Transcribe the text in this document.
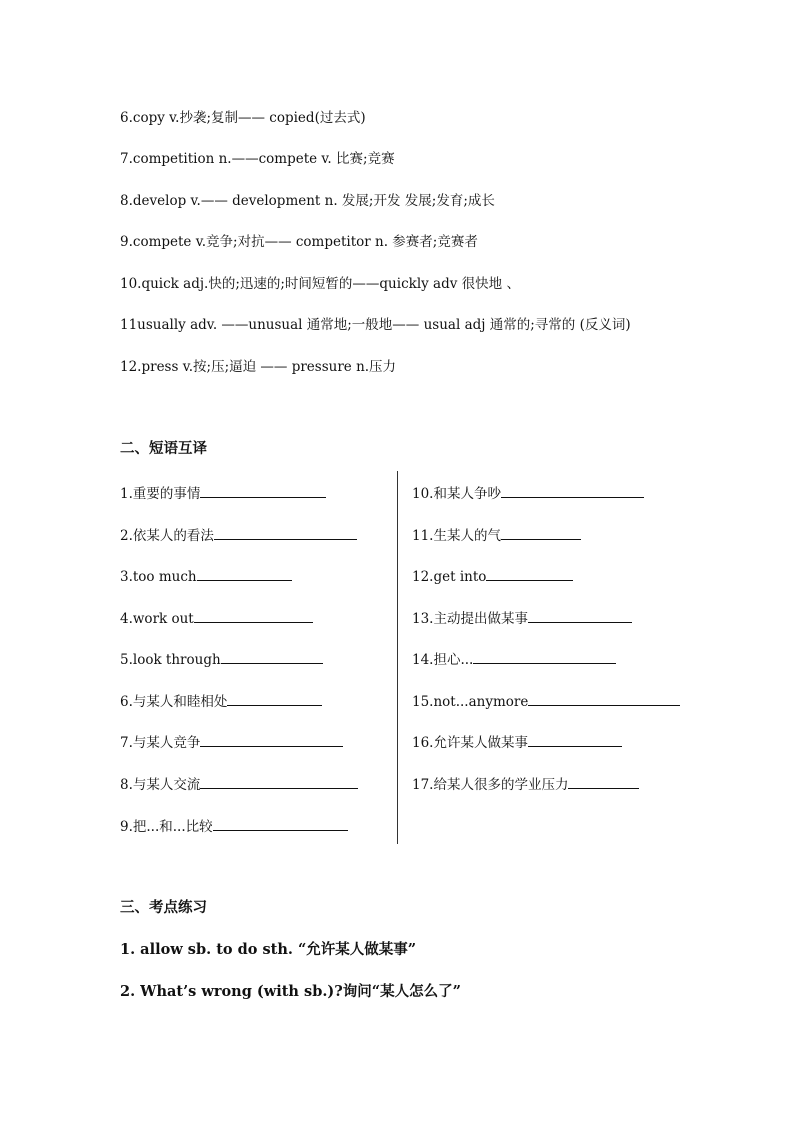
6.copy v.抄袭;复制—— copied(过去式)
7.competition n.——compete v. 比赛;竞赛
8.develop v.—— development n. 发展;开发 发展;发育;成长
9.compete v.竞争;对抗—— competitor n. 参赛者;竞赛者
10.quick adj.快的;迅速的;时间短暂的——quickly adv 很快地 、
11usually adv. ——unusual 通常地;一般地—— usual adj 通常的;寻常的 (反义词)
12.press v.按;压;逼迫 —— pressure n.压力
二、短语互译
1.重要的事情
2.依某人的看法
3.too much
4.work out
5.look through
6.与某人和睦相处
7.与某人竞争
8.与某人交流
9.把...和...比较
10.和某人争吵
11.生某人的气
12.get into
13.主动提出做某事
14.担心...
15.not...anymore
16.允许某人做某事
17.给某人很多的学业压力
三、考点练习
1. allow sb. to do sth. “允许某人做某事”
2. What’s wrong (with sb.)?询问“某人怎么了”
